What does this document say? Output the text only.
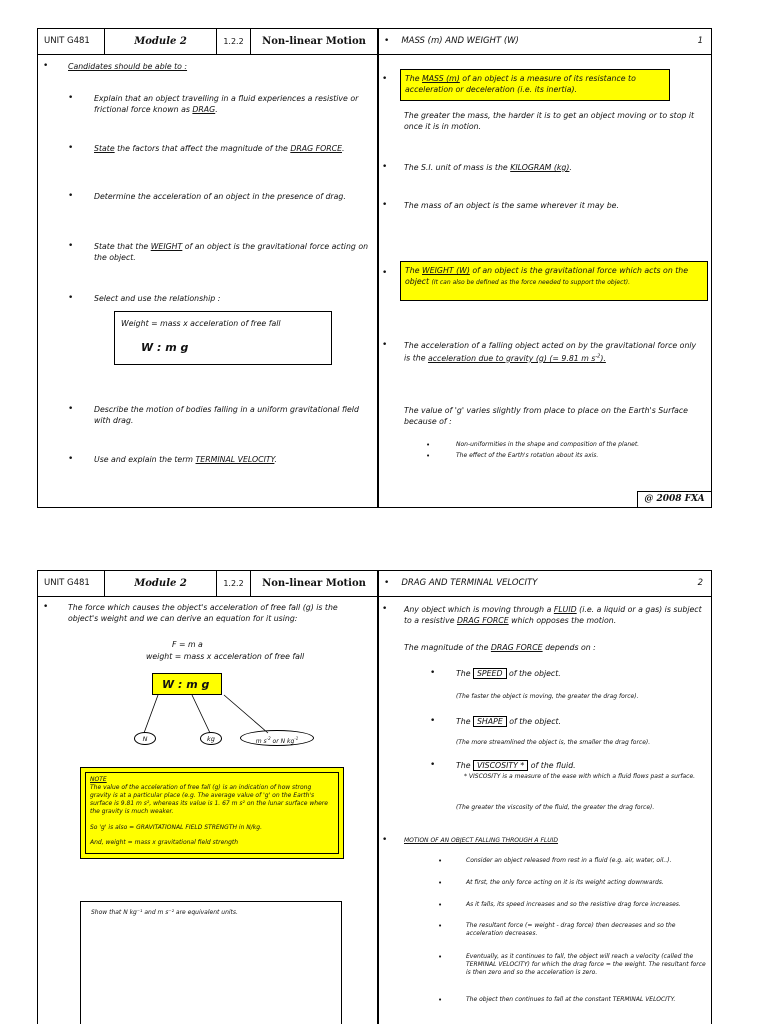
UNIT G481	Module 2	1.2.2	Non-linear Motion	• MASS (m) AND WEIGHT (W)	1
•	Candidates should be able to :
•	Explain that an object travelling in a fluid experiences a resistive or frictional force known as DRAG.
•	State the factors that affect the magnitude of the DRAG FORCE.
•	Determine the acceleration of an object in the presence of drag.
•	State that the WEIGHT of an object is the gravitational force acting on the object.
•	Select and use the relationship :
Weight = mass x acceleration of free fall
W : m g
•	Describe the motion of bodies falling in a uniform gravitational field with drag.
•	Use and explain the term TERMINAL VELOCITY.
•	The MASS (m) of an object is a measure of its resistance to acceleration or deceleration (i.e. its inertia).
The greater the mass, the harder it is to get an object moving or to stop it once it is in motion.
• The S.I. unit of mass is the KILOGRAM (kg).
• The mass of an object is the same wherever it may be.
•	The WEIGHT (W) of an object is the gravitational force which acts on the object (It can also be defined as the force needed to support the object).
• The acceleration of a falling object acted on by the gravitational force only is the acceleration due to gravity (g) (= 9.81 m $s^{-2}$).
The value of 'g' varies slightly from place to place on the Earth's Surface because of :
•	Non-uniformities in the shape and composition of the planet.
•	The effect of the Earth's rotation about its axis.
@ 2008 FXA
UNIT G481	Module 2	1.2.2	Non-linear Motion	• DRAG AND TERMINAL VELOCITY	2
•	The force which causes the object's acceleration of free fall (g) is the object's weight and we can derive an equation for it using:
F = m a
weight = mass x acceleration of free fall
W : m g
N	kg	m $s^{-2}$ or N $kg^{-1}$
NOTE
The value of the acceleration of free fall (g) is an indication of how strong gravity is at a particular place (e.g. The average value of 'g' on the Earth's surface is 9.81 m s², whereas its value is 1. 67 m s² on the lunar surface where the gravity is much weaker.
So 'g' is also = GRAVITATIONAL FIELD STRENGTH in N/kg.
And, weight = mass x gravitational field strength
Show that N kg⁻¹ and m s⁻² are equivalent units.
• Any object which is moving through a FLUID (i.e. a liquid or a gas) is subject to a resistive DRAG FORCE which opposes the motion.
The magnitude of the DRAG FORCE depends on :
•	The SPEED of the object.
(The faster the object is moving, the greater the drag force).
•	The SHAPE of the object.
(The more streamlined the object is, the smaller the drag force).
•	The VISCOSITY * of the fluid.
* VISCOSITY is a measure of the ease with which a fluid flows past a surface.
(The greater the viscosity of the fluid, the greater the drag force).
•	MOTION OF AN OBJECT FALLING THROUGH A FLUID
•	Consider an object released from rest in a fluid (e.g. air, water, oil..).
•	At first, the only force acting on it is its weight acting downwards.
•	As it falls, its speed increases and so the resistive drag force increases.
•	The resultant force (= weight - drag force) then decreases and so the acceleration decreases.
•	Eventually, as it continues to fall, the object will reach a velocity (called the TERMINAL VELOCITY) for which the drag force = the weight. The resultant force is then zero and so the acceleration is zero.
•	The object then continues to fall at the constant TERMINAL VELOCITY.
